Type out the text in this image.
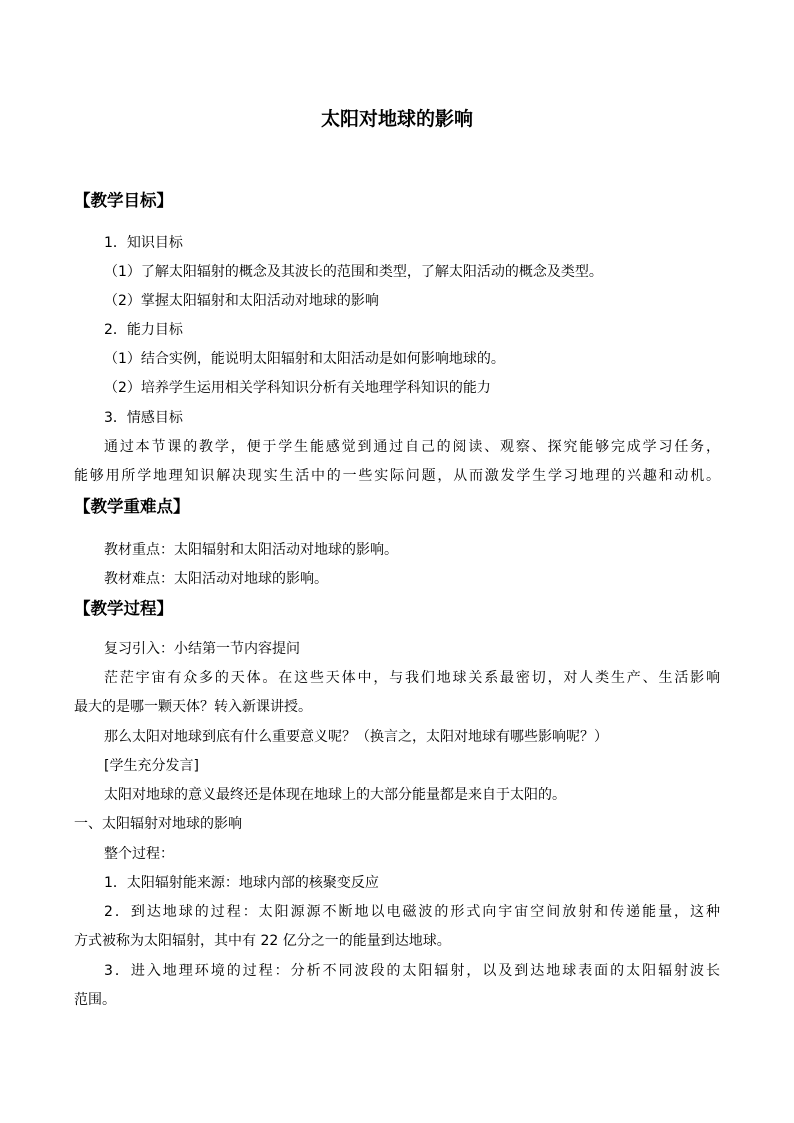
太阳对地球的影响
【教学目标】
1．知识目标
（1）了解太阳辐射的概念及其波长的范围和类型，了解太阳活动的概念及类型。
（2）掌握太阳辐射和太阳活动对地球的影响
2．能力目标
（1）结合实例，能说明太阳辐射和太阳活动是如何影响地球的。
（2）培养学生运用相关学科知识分析有关地理学科知识的能力
3．情感目标
通过本节课的教学，便于学生能感觉到通过自己的阅读、观察、探究能够完成学习任务，
能够用所学地理知识解决现实生活中的一些实际问题，从而激发学生学习地理的兴趣和动机。
【教学重难点】
教材重点：太阳辐射和太阳活动对地球的影响。
教材难点：太阳活动对地球的影响。
【教学过程】
复习引入：小结第一节内容提问
茫茫宇宙有众多的天体。在这些天体中，与我们地球关系最密切，对人类生产、生活影响
最大的是哪一颗天体？转入新课讲授。
那么太阳对地球到底有什么重要意义呢？（换言之，太阳对地球有哪些影响呢？）
[学生充分发言]
太阳对地球的意义最终还是体现在地球上的大部分能量都是来自于太阳的。
一、太阳辐射对地球的影响
整个过程：
1．太阳辐射能来源：地球内部的核聚变反应
2．到达地球的过程：太阳源源不断地以电磁波的形式向宇宙空间放射和传递能量，这种
方式被称为太阳辐射，其中有 22 亿分之一的能量到达地球。
3．进入地理环境的过程：分析不同波段的太阳辐射，以及到达地球表面的太阳辐射波长
范围。
